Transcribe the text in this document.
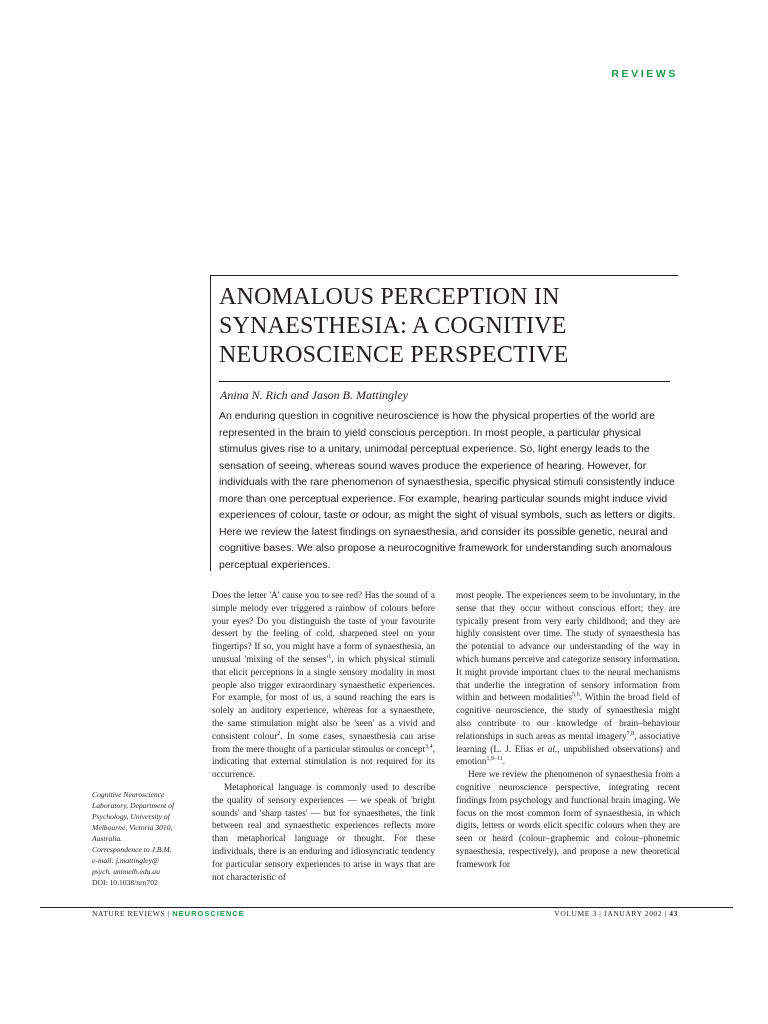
REVIEWS
ANOMALOUS PERCEPTION IN
SYNAESTHESIA: A COGNITIVE
NEUROSCIENCE PERSPECTIVE
Anina N. Rich and Jason B. Mattingley

An enduring question in cognitive neuroscience is how the physical properties of the world are represented in the brain to yield conscious perception. In most people, a particular physical stimulus gives rise to a unitary, unimodal perceptual experience. So, light energy leads to the sensation of seeing, whereas sound waves produce the experience of hearing. However, for individuals with the rare phenomenon of synaesthesia, specific physical stimuli consistently induce more than one perceptual experience. For example, hearing particular sounds might induce vivid experiences of colour, taste or odour, as might the sight of visual symbols, such as letters or digits. Here we review the latest findings on synaesthesia, and consider its possible genetic, neural and cognitive bases. We also propose a neurocognitive framework for understanding such anomalous perceptual experiences.

Does the letter 'A' cause you to see red? Has the sound of a simple melody ever triggered a rainbow of colours before your eyes? Do you distinguish the taste of your favourite dessert by the feeling of cold, sharpened steel on your fingertips? If so, you might have a form of synaesthesia, an unusual 'mixing of the $senses'^1$, in which physical stimuli that elicit perceptions in a single sensory modality in most people also trigger extraordinary synaesthetic experiences. For example, for most of us, a sound reaching the ears is solely an auditory experience, whereas for a synaesthete, the same stimulation might also be 'seen' as a vivid and consistent colour$^2$. In some cases, synaesthesia can arise from the mere thought of a particular stimulus or concept$^{3,4}$, indicating that external stimulation is not required for its occurrence.

Metaphorical language is commonly used to describe the quality of sensory experiences — we speak of 'bright sounds' and 'sharp tastes' — but for synaesthetes, the link between real and synaesthetic experiences reflects more than metaphorical language or thought. For these individuals, there is an enduring and idiosyncratic tendency for particular sensory experiences to arise in ways that are not characteristic of

most people. The experiences seem to be involuntary, in the sense that they occur without conscious effort; they are typically present from very early childhood; and they are highly consistent over time. The study of synaesthesia has the potential to advance our understanding of the way in which humans perceive and categorize sensory information. It might provide important clues to the neural mechanisms that underlie the integration of sensory information from within and between modalities$^{5,6}$. Within the broad field of cognitive neuroscience, the study of synaesthesia might also contribute to our knowledge of brain–behaviour relationships in such areas as mental imagery$^{7,8}$, associative learning (L. J. Elias et al., unpublished observations) and emotion$^{1,9-11}$.

Here we review the phenomenon of synaesthesia from a cognitive neuroscience perspective, integrating recent findings from psychology and functional brain imaging. We focus on the most common form of synaesthesia, in which digits, letters or words elicit specific colours when they are seen or heard (colour–graphemic and colour–phonemic synaesthesia, respectively), and propose a new theoretical framework for

Cognitive Neuroscience
Laboratory, Department of
Psychology, University of
Melbourne, Victoria 3010,
Australia.
Correspondence to J.B.M.
e-mail: j.mattingley@
psych. unimelb.edu.au
DOI: 10.1038/nrn702
NATURE REVIEWS | NEUROSCIENCE	VOLUME 3 | JANUARY 2002 | 43
